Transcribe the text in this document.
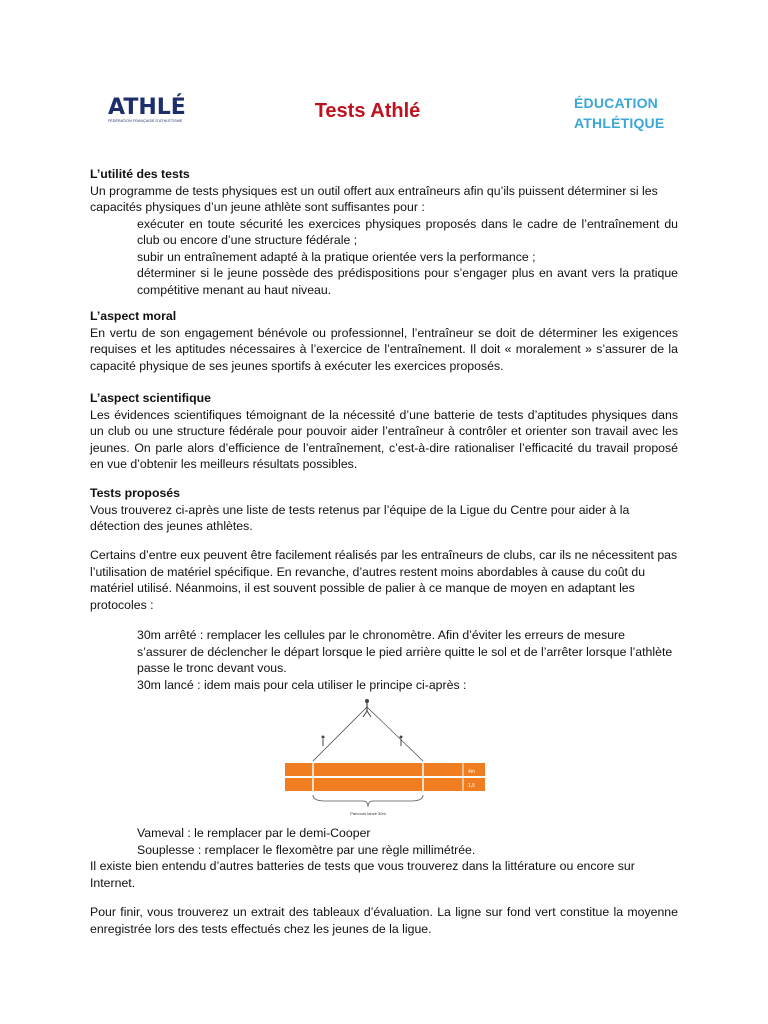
ATHLÉ
FÉDÉRATION FRANÇAISE D'ATHLÉTISME	Tests Athlé	ÉDUCATION
ATHLÉTIQUE

L’utilité des tests

Un programme de tests physiques est un outil offert aux entraîneurs afin qu’ils puissent déterminer si les capacités physiques d’un jeune athlète sont suffisantes pour :

exécuter en toute sécurité les exercices physiques proposés dans le cadre de l’entraînement du club ou encore d’une structure fédérale ;

subir un entraînement adapté à la pratique orientée vers la performance ;

déterminer si le jeune possède des prédispositions pour s’engager plus en avant vers la pratique compétitive menant au haut niveau.

L’aspect moral

En vertu de son engagement bénévole ou professionnel, l’entraîneur se doit de déterminer les exigences requises et les aptitudes nécessaires à l’exercice de l’entraînement. Il doit « moralement » s’assurer de la capacité physique de ses jeunes sportifs à exécuter les exercices proposés.

L’aspect scientifique

Les évidences scientifiques témoignant de la nécessité d’une batterie de tests d’aptitudes physiques dans un club ou une structure fédérale pour pouvoir aider l’entraîneur à contrôler et orienter son travail avec les jeunes. On parle alors d’efficience de l’entraînement, c’est-à-dire rationaliser l’efficacité du travail proposé en vue d’obtenir les meilleurs résultats possibles.

Tests proposés

Vous trouverez ci-après une liste de tests retenus par l’équipe de la Ligue du Centre pour aider à la détection des jeunes athlètes.

Certains d’entre eux peuvent être facilement réalisés par les entraîneurs de clubs, car ils ne nécessitent pas l’utilisation de matériel spécifique. En revanche, d’autres restent moins abordables à cause du coût du matériel utilisé. Néanmoins, il est souvent possible de palier à ce manque de moyen en adaptant les protocoles :

30m arrêté : remplacer les cellules par le chronomètre. Afin d’éviter les erreurs de mesure s’assurer de déclencher le départ lorsque le pied arrière quitte le sol et de l’arrêter lorsque l’athlète passe le tronc devant vous.

30m lancé : idem mais pour cela utiliser le principe ci-après :

4m
1,5
Parcours lancé 30m

Vameval : le remplacer par le demi-Cooper

Souplesse : remplacer le flexomètre par une règle millimétrée.

Il existe bien entendu d’autres batteries de tests que vous trouverez dans la littérature ou encore sur Internet.

Pour finir, vous trouverez un extrait des tableaux d’évaluation. La ligne sur fond vert constitue la moyenne enregistrée lors des tests effectués chez les jeunes de la ligue.
